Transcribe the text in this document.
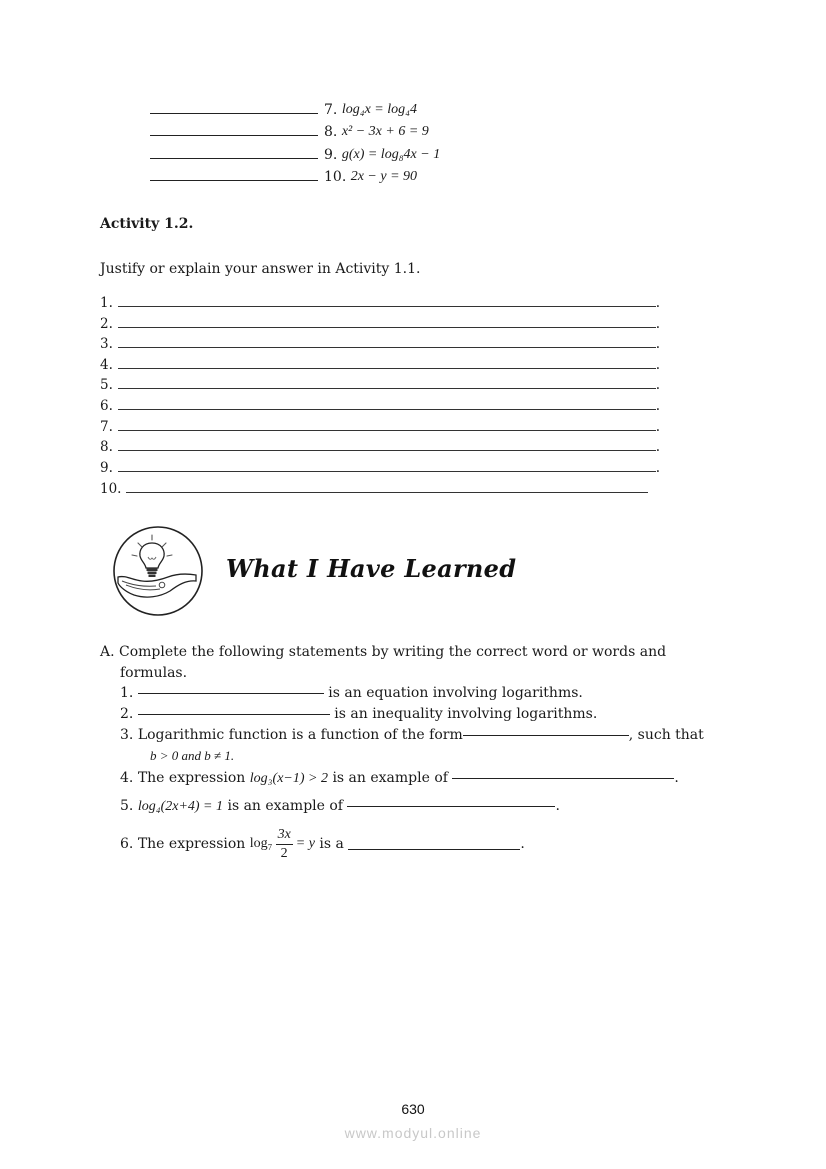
7.
log₄x = log₄4
8.
x² − 3x + 6 = 9
9.
g(x) = log₈4x − 1
10.
2x − y = 90
Activity 1.2.
Justify or explain your answer in Activity 1.1.
1.	.
2.	.
3.	.
4.	.
5.	.
6.	.
7.	.
8.	.
9.	.
10.
What I Have Learned
A. Complete the following statements by writing the correct word or words and
formulas.
1.	is an equation involving logarithms.
2.	is an inequality involving logarithms.
3. Logarithmic function is a function of the form	, such that
b > 0 and b ≠ 1.
4. The expression log₃(x−1) > 2 is an example of	.
5. log₄(2x+4) = 1 is an example of	.
6.
The expression
$\log_7 \frac{3x}{2} = y$
is a
	.
630
www.modyul.online
